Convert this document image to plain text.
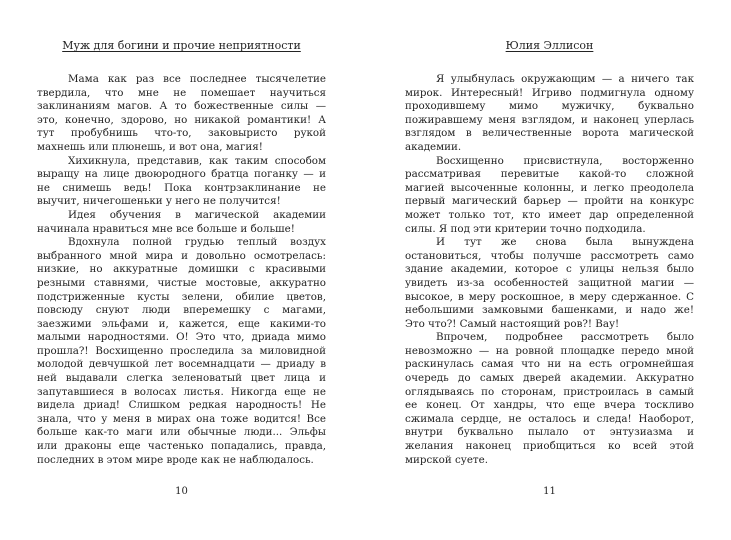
Муж для богини и прочие неприятности
Мама как раз все последнее тысячелетие
твердила, что мне не помешает научиться
заклинаниям магов. А то божественные силы —
это, конечно, здорово, но никакой романтики! А
тут пробубнишь что-то, заковыристо рукой
махнешь или плюнешь, и вот она, магия!
Хихикнула, представив, как таким способом
выращу на лице двоюродного братца поганку — и
не снимешь ведь! Пока контрзаклинание не
выучит, ничегошеньки у него не получится!
Идея обучения в магической академии
начинала нравиться мне все больше и больше!
Вдохнула полной грудью теплый воздух
выбранного мной мира и довольно осмотрелась:
низкие, но аккуратные домишки с красивыми
резными ставнями, чистые мостовые, аккуратно
подстриженные кусты зелени, обилие цветов,
повсюду снуют люди вперемешку с магами,
заезжими эльфами и, кажется, еще какими-то
малыми народностями. О! Это что, дриада мимо
прошла?! Восхищенно проследила за миловидной
молодой девчушкой лет восемнадцати — дриаду в
ней выдавали слегка зеленоватый цвет лица и
запутавшиеся в волосах листья. Никогда еще не
видела дриад! Слишком редкая народность! Не
знала, что у меня в мирах она тоже водится! Все
больше как-то маги или обычные люди... Эльфы
или драконы еще частенько попадались, правда,
последних в этом мире вроде как не наблюдалось.
10
Юлия Эллисон
Я улыбнулась окружающим — а ничего так
мирок. Интересный! Игриво подмигнула одному
проходившему мимо мужичку, буквально
пожиравшему меня взглядом, и наконец уперлась
взглядом в величественные ворота магической
академии.
Восхищенно присвистнула, восторженно
рассматривая перевитые какой-то сложной
магией высоченные колонны, и легко преодолела
первый магический барьер — пройти на конкурс
может только тот, кто имеет дар определенной
силы. Я под эти критерии точно подходила.
И тут же снова была вынуждена
остановиться, чтобы получше рассмотреть само
здание академии, которое с улицы нельзя было
увидеть из-за особенностей защитной магии —
высокое, в меру роскошное, в меру сдержанное. С
небольшими замковыми башенками, и надо же!
Это что?! Самый настоящий ров?! Вау!
Впрочем, подробнее рассмотреть было
невозможно — на ровной площадке передо мной
раскинулась самая что ни на есть огромнейшая
очередь до самых дверей академии. Аккуратно
оглядываясь по сторонам, пристроилась в самый
ее конец. От хандры, что еще вчера тоскливо
сжимала сердце, не осталось и следа! Наоборот,
внутри буквально пылало от энтузиазма и
желания наконец приобщиться ко всей этой
мирской суете.
11
